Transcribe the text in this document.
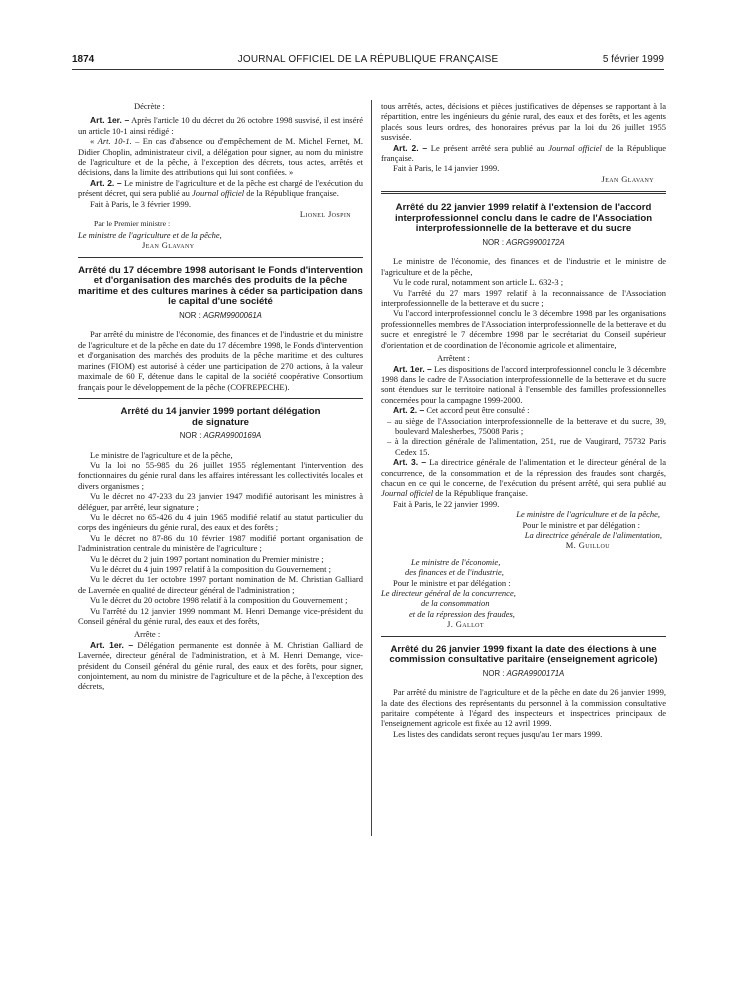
1874	JOURNAL OFFICIEL DE LA RÉPUBLIQUE FRANÇAISE	5 février 1999

Décrète :

Art. 1er. – Après l'article 10 du décret du 26 octobre 1998 susvisé, il est inséré un article 10-1 ainsi rédigé :

« Art. 10-1. – En cas d'absence ou d'empêchement de M. Michel Fernet, M. Didier Choplin, administrateur civil, a délégation pour signer, au nom du ministre de l'agriculture et de la pêche, à l'exception des décrets, tous actes, arrêtés et décisions, dans la limite des attributions qui lui sont confiées. »

Art. 2. – Le ministre de l'agriculture et de la pêche est chargé de l'exécution du présent décret, qui sera publié au Journal officiel de la République française.

Fait à Paris, le 3 février 1999.

Lionel Jospin

Par le Premier ministre :

Le ministre de l'agriculture et de la pêche,

Jean Glavany

Arrêté du 17 décembre 1998 autorisant le Fonds d'intervention et d'organisation des marchés des produits de la pêche maritime et des cultures marines à céder sa participation dans le capital d'une société

NOR : AGRM9900061A

Par arrêté du ministre de l'économie, des finances et de l'industrie et du ministre de l'agriculture et de la pêche en date du 17 décembre 1998, le Fonds d'intervention et d'organisation des marchés des produits de la pêche maritime et des cultures marines (FIOM) est autorisé à céder une participation de 270 actions, à la valeur maximale de 60 F, détenue dans le capital de la société coopérative Consortium français pour le développement de la pêche (COFREPECHE).

Arrêté du 14 janvier 1999 portant délégation de signature

NOR : AGRA9900169A

Le ministre de l'agriculture et de la pêche,

Vu la loi no 55-985 du 26 juillet 1955 réglementant l'intervention des fonctionnaires du génie rural dans les affaires intéressant les collectivités locales et divers organismes ;

Vu le décret no 47-233 du 23 janvier 1947 modifié autorisant les ministres à déléguer, par arrêté, leur signature ;

Vu le décret no 65-426 du 4 juin 1965 modifié relatif au statut particulier du corps des ingénieurs du génie rural, des eaux et des forêts ;

Vu le décret no 87-86 du 10 février 1987 modifié portant organisation de l'administration centrale du ministère de l'agriculture ;

Vu le décret du 2 juin 1997 portant nomination du Premier ministre ;

Vu le décret du 4 juin 1997 relatif à la composition du Gouvernement ;

Vu le décret du 1er octobre 1997 portant nomination de M. Christian Galliard de Lavernée en qualité de directeur général de l'administration ;

Vu le décret du 20 octobre 1998 relatif à la composition du Gouvernement ;

Vu l'arrêté du 12 janvier 1999 nommant M. Henri Demange vice-président du Conseil général du génie rural, des eaux et des forêts,

Arrête :

Art. 1er. – Délégation permanente est donnée à M. Christian Galliard de Lavernée, directeur général de l'administration, et à M. Henri Demange, vice-président du Conseil général du génie rural, des eaux et des forêts, pour signer, conjointement, au nom du ministre de l'agriculture et de la pêche, à l'exception des décrets,

tous arrêtés, actes, décisions et pièces justificatives de dépenses se rapportant à la répartition, entre les ingénieurs du génie rural, des eaux et des forêts, et les agents placés sous leurs ordres, des honoraires prévus par la loi du 26 juillet 1955 susvisée.

Art. 2. – Le présent arrêté sera publié au Journal officiel de la République française.

Fait à Paris, le 14 janvier 1999.

Jean Glavany

Arrêté du 22 janvier 1999 relatif à l'extension de l'accord interprofessionnel conclu dans le cadre de l'Association interprofessionnelle de la betterave et du sucre

NOR : AGRG9900172A

Le ministre de l'économie, des finances et de l'industrie et le ministre de l'agriculture et de la pêche,

Vu le code rural, notamment son article L. 632-3 ;

Vu l'arrêté du 27 mars 1997 relatif à la reconnaissance de l'Association interprofessionnelle de la betterave et du sucre ;

Vu l'accord interprofessionnel conclu le 3 décembre 1998 par les organisations professionnelles membres de l'Association interprofessionnelle de la betterave et du sucre et enregistré le 7 décembre 1998 par le secrétariat du Conseil supérieur d'orientation et de coordination de l'économie agricole et alimentaire,

Arrêtent :

Art. 1er. – Les dispositions de l'accord interprofessionnel conclu le 3 décembre 1998 dans le cadre de l'Association interprofessionnelle de la betterave et du sucre sont étendues sur le territoire national à l'ensemble des familles professionnelles concernées pour la campagne 1999-2000.

Art. 2. – Cet accord peut être consulté :

– au siège de l'Association interprofessionnelle de la betterave et du sucre, 39, boulevard Malesherbes, 75008 Paris ;

– à la direction générale de l'alimentation, 251, rue de Vaugirard, 75732 Paris Cedex 15.

Art. 3. – La directrice générale de l'alimentation et le directeur général de la concurrence, de la consommation et de la répression des fraudes sont chargés, chacun en ce qui le concerne, de l'exécution du présent arrêté, qui sera publié au Journal officiel de la République française.

Fait à Paris, le 22 janvier 1999.

Le ministre de l'agriculture et de la pêche,

Pour le ministre et par délégation :

La directrice générale de l'alimentation,

M. Guillou

Le ministre de l'économie,

des finances et de l'industrie,

Pour le ministre et par délégation :

Le directeur général de la concurrence,

de la consommation

et de la répression des fraudes,

J. Gallot

Arrêté du 26 janvier 1999 fixant la date des élections à une commission consultative paritaire (enseignement agricole)

NOR : AGRA9900171A

Par arrêté du ministre de l'agriculture et de la pêche en date du 26 janvier 1999, la date des élections des représentants du personnel à la commission consultative paritaire compétente à l'égard des inspecteurs et inspectrices principaux de l'enseignement agricole est fixée au 12 avril 1999.

Les listes des candidats seront reçues jusqu'au 1er mars 1999.
